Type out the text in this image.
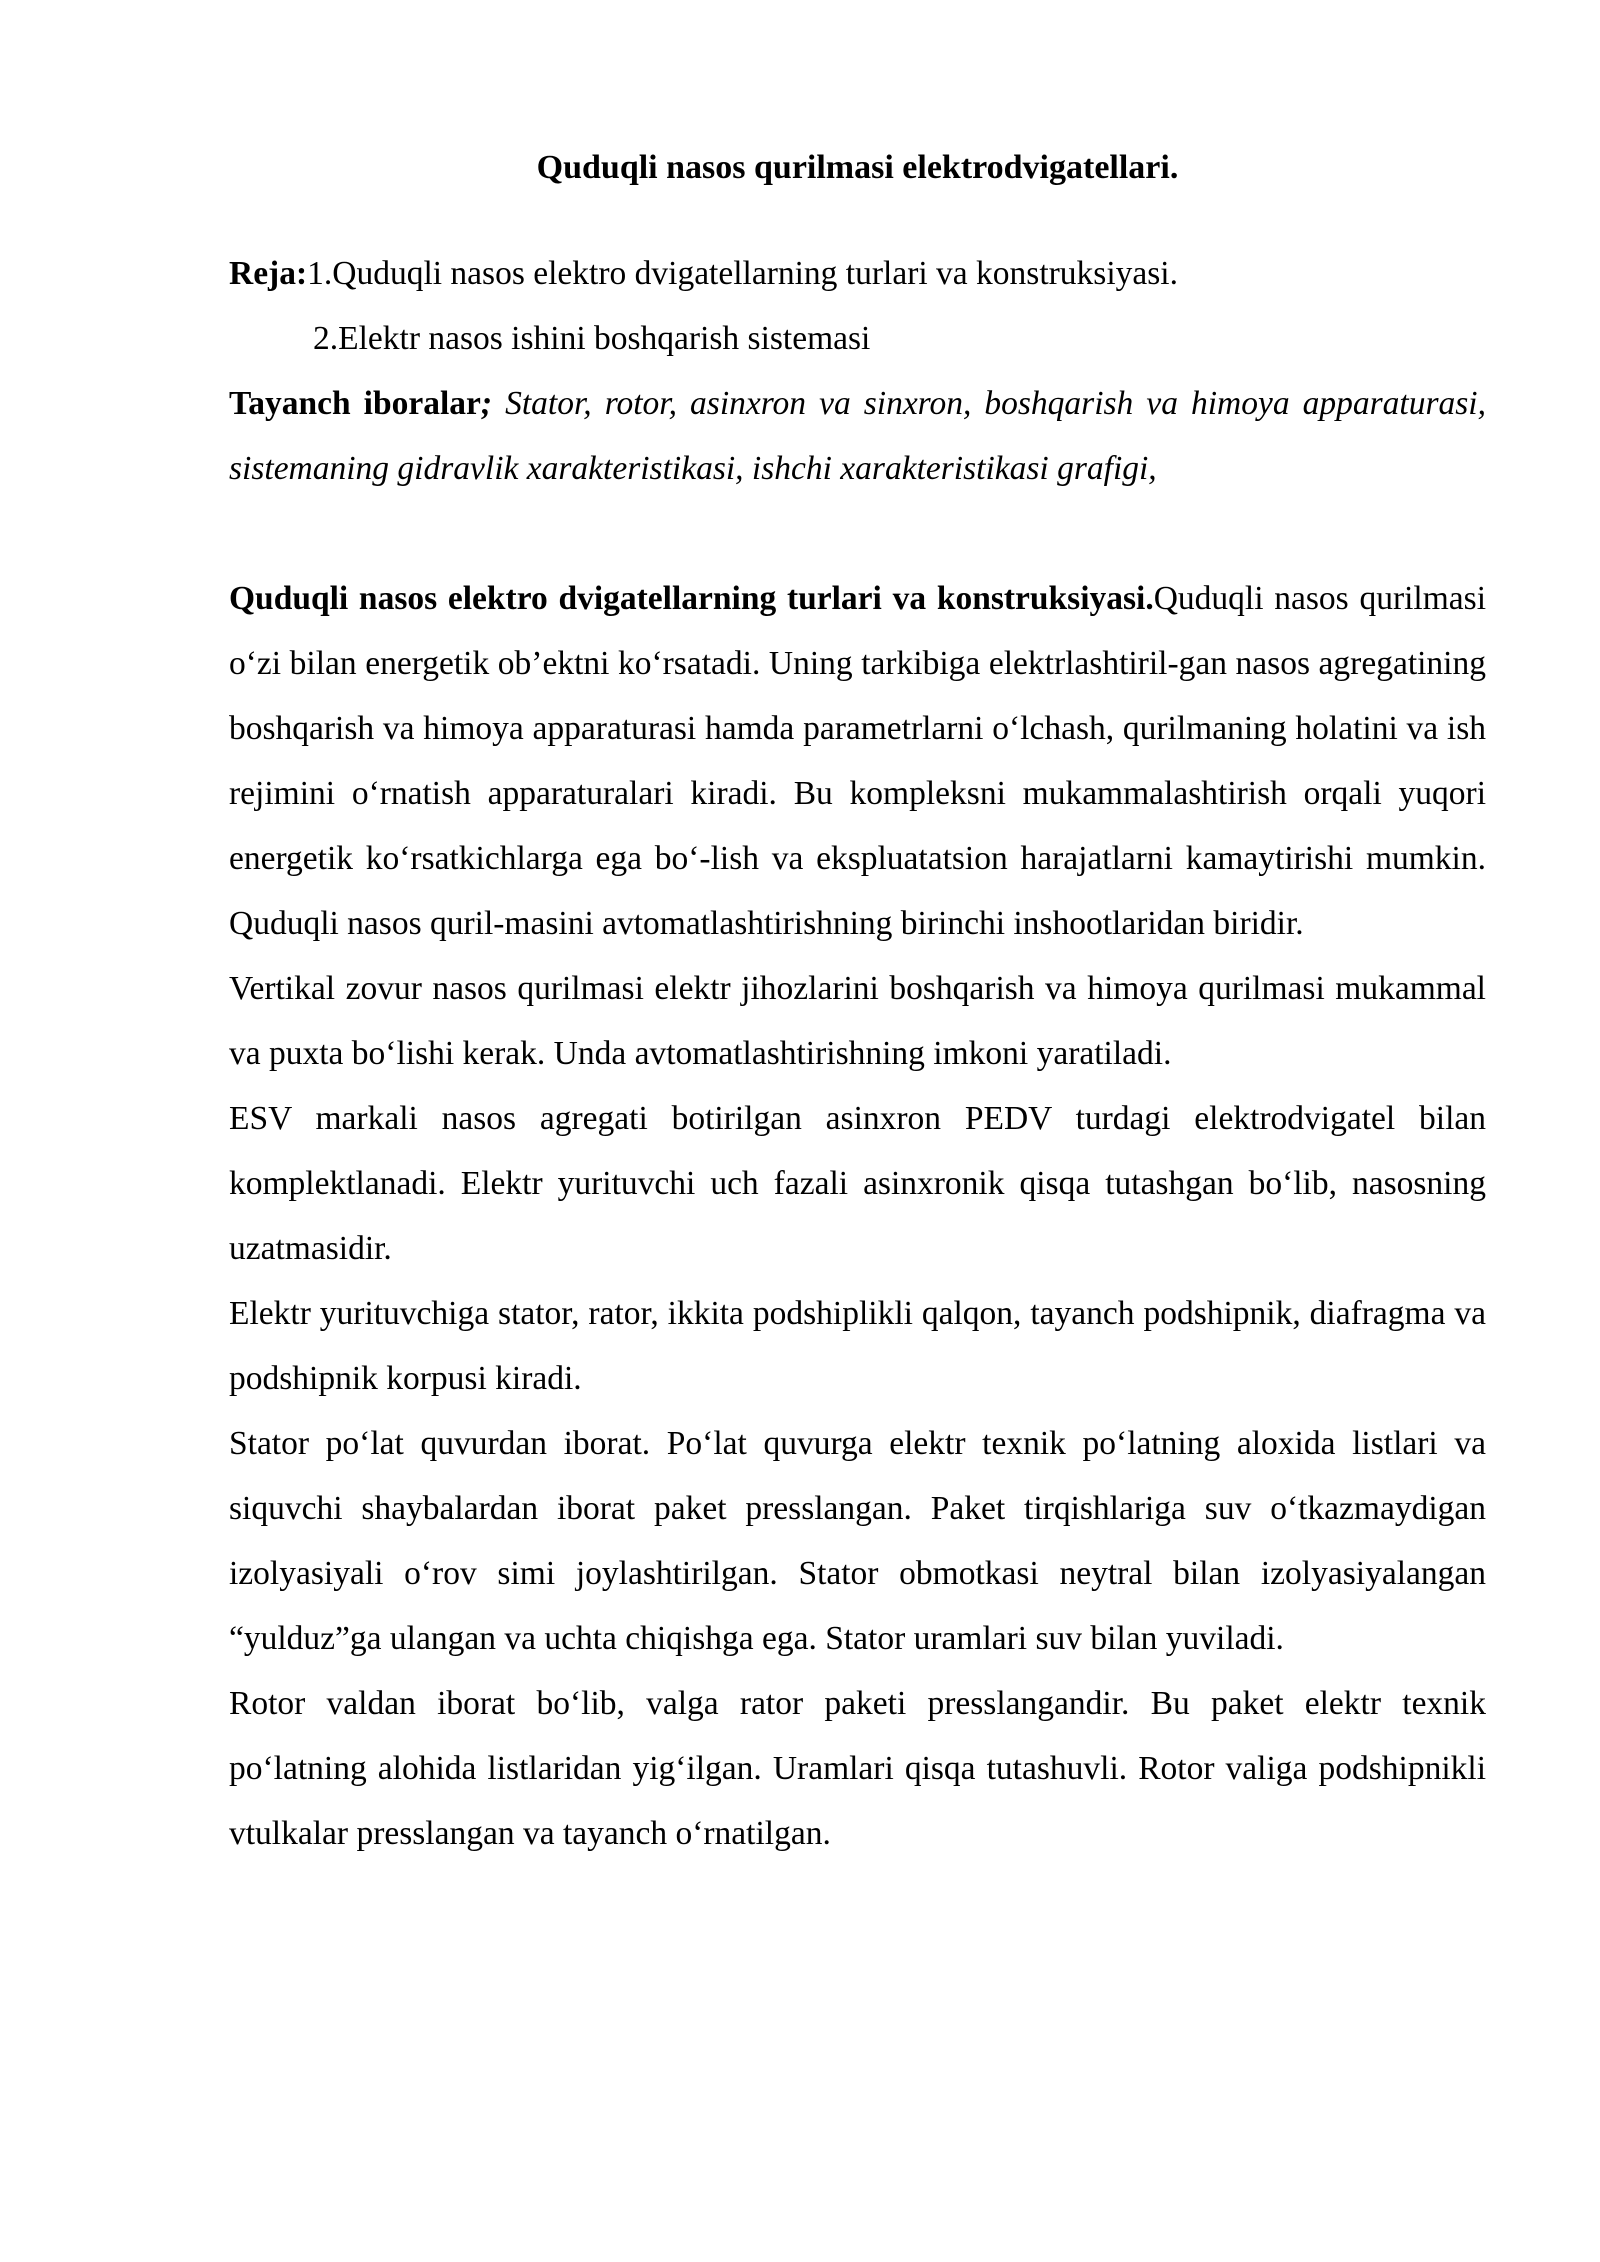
Quduqli nasos qurilmasi elektrodvigatellari.

Reja:1.Quduqli nasos elektro dvigatellarning turlari va konstruksiyasi.

2.Elektr nasos ishini boshqarish sistemasi

Tayanch iboralar; Stator, rotor, asinxron va sinxron, boshqarish va himoya apparaturasi, sistemaning gidravlik xarakteristikasi, ishchi xarakteristikasi grafigi,

Quduqli nasos elektro dvigatellarning turlari va konstruksiyasi.Quduqli nasos qurilmasi o‘zi bilan energetik ob’ektni ko‘rsatadi. Uning tarkibiga elektrlashtiril-gan nasos agregatining boshqarish va himoya apparaturasi hamda parametrlarni o‘lchash, qurilmaning holatini va ish rejimini o‘rnatish apparaturalari kiradi. Bu kompleksni mukammalashtirish orqali yuqori energetik ko‘rsatkichlarga ega bo‘-lish va ekspluatatsion harajatlarni kamaytirishi mumkin. Quduqli nasos quril-masini avtomatlashtirishning birinchi inshootlaridan biridir.

Vertikal zovur nasos qurilmasi elektr jihozlarini boshqarish va himoya qurilmasi mukammal va puxta bo‘lishi kerak. Unda avtomatlashtirishning imkoni yaratiladi.

ESV markali nasos agregati botirilgan asinxron PEDV turdagi elektrodvigatel bilan komplektlanadi. Elektr yurituvchi uch fazali asinxronik qisqa tutashgan bo‘lib, nasosning uzatmasidir.

Elektr yurituvchiga stator, rator, ikkita podshiplikli qalqon, tayanch podshipnik, diafragma va podshipnik korpusi kiradi.

Stator po‘lat quvurdan iborat. Po‘lat quvurga elektr texnik po‘latning aloxida listlari va siquvchi shaybalardan iborat paket presslangan. Paket tirqishlariga suv o‘tkazmaydigan izolyasiyali o‘rov simi joylashtirilgan. Stator obmotkasi neytral bilan izolyasiyalangan “yulduz”ga ulangan va uchta chiqishga ega. Stator uramlari suv bilan yuviladi.

Rotor valdan iborat bo‘lib, valga rator paketi presslangandir. Bu paket elektr texnik po‘latning alohida listlaridan yig‘ilgan. Uramlari qisqa tutashuvli. Rotor valiga podshipnikli vtulkalar presslangan va tayanch o‘rnatilgan.
